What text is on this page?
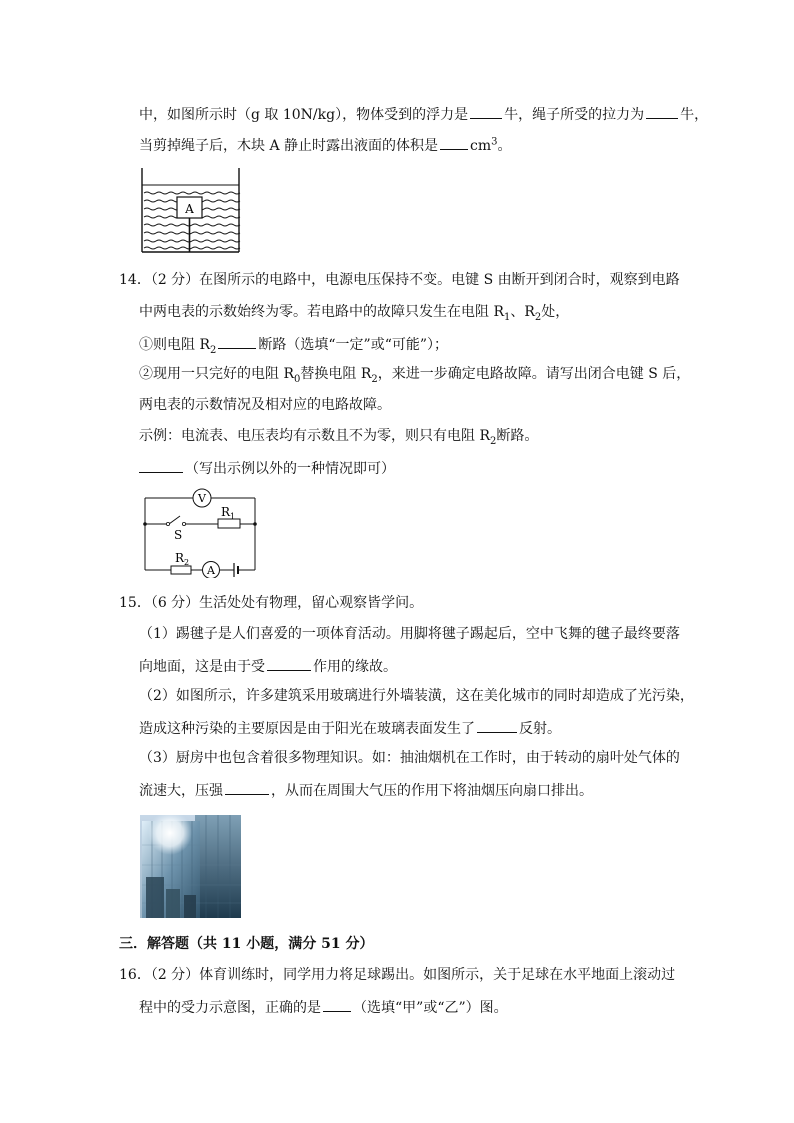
中，如图所示时（g 取 10N/kg），物体受到的浮力是	牛，绳子所受的拉力为	牛，
当剪掉绳子后，木块 A 静止时露出液面的体积是 $cm^3$。
A
14．（2 分）在图所示的电路中，电源电压保持不变。电键 S 由断开到闭合时，观察到电路
中两电表的示数始终为零。若电路中的故障只发生在电阻 $R_1$、$R_2$处，
①则电阻 $R_2$	断路（选填“一定”或“可能”）；
②现用一只完好的电阻 $R_0$替换电阻 $R_2$，来进一步确定电路故障。请写出闭合电键 S 后，
两电表的示数情况及相对应的电路故障。
示例：电流表、电压表均有示数且不为零，则只有电阻 $R_2$断路。
（写出示例以外的一种情况即可）
V
A
S
$R_1$
$R_2$
15．（6 分）生活处处有物理，留心观察皆学问。
（1）踢毽子是人们喜爱的一项体育活动。用脚将毽子踢起后，空中飞舞的毽子最终要落
向地面，这是由于受	作用的缘故。
（2）如图所示，许多建筑采用玻璃进行外墙装潢，这在美化城市的同时却造成了光污染，
造成这种污染的主要原因是由于阳光在玻璃表面发生了	反射。
（3）厨房中也包含着很多物理知识。如：抽油烟机在工作时，由于转动的扇叶处气体的
流速大，压强	，从而在周围大气压的作用下将油烟压向扇口排出。
三．解答题（共 11 小题，满分 51 分）
16．（2 分）体育训练时，同学用力将足球踢出。如图所示，关于足球在水平地面上滚动过
程中的受力示意图，正确的是 （选填“甲”或“乙”）图。
